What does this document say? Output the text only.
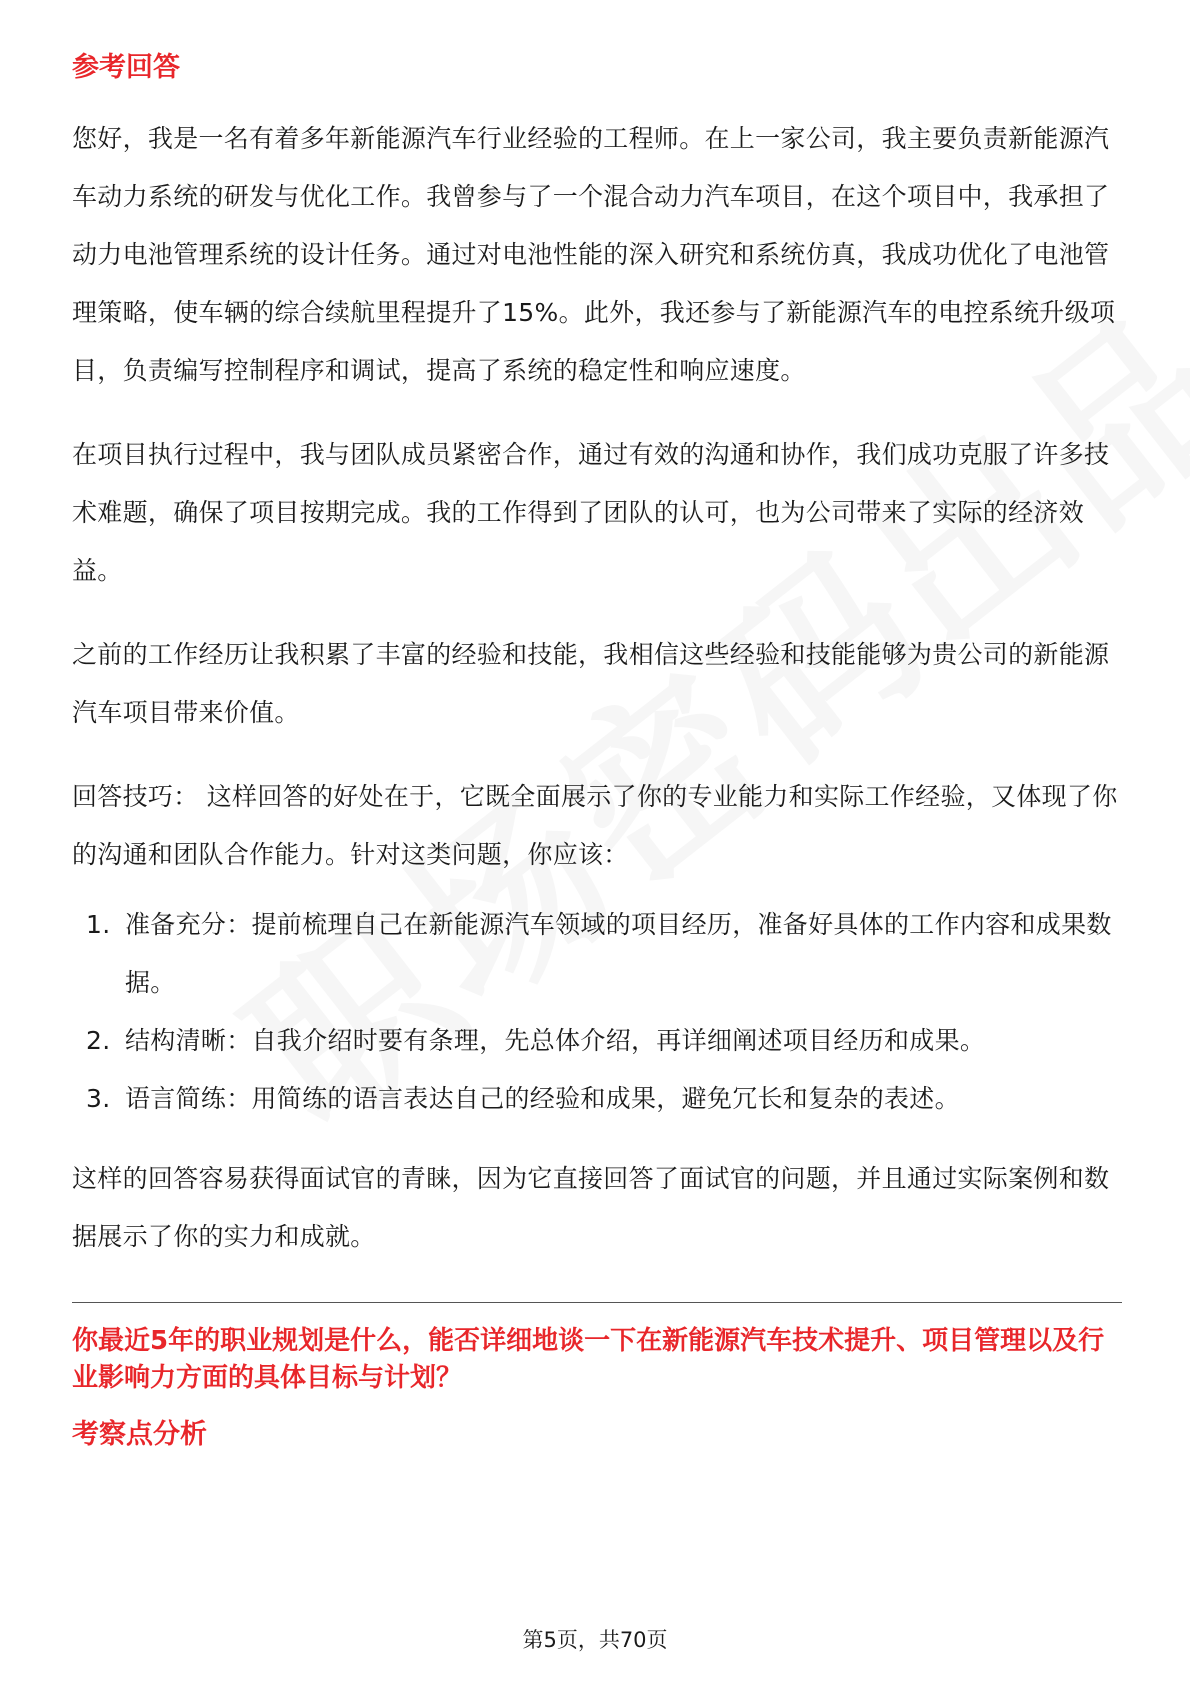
参考回答

您好，我是一名有着多年新能源汽车行业经验的工程师。在上一家公司，我主要负责新能源汽车动力系统的研发与优化工作。我曾参与了一个混合动力汽车项目，在这个项目中，我承担了动力电池管理系统的设计任务。通过对电池性能的深入研究和系统仿真，我成功优化了电池管理策略，使车辆的综合续航里程提升了15%。此外，我还参与了新能源汽车的电控系统升级项目，负责编写控制程序和调试，提高了系统的稳定性和响应速度。

在项目执行过程中，我与团队成员紧密合作，通过有效的沟通和协作，我们成功克服了许多技术难题，确保了项目按期完成。我的工作得到了团队的认可，也为公司带来了实际的经济效益。

之前的工作经历让我积累了丰富的经验和技能，我相信这些经验和技能能够为贵公司的新能源汽车项目带来价值。

回答技巧： 这样回答的好处在于，它既全面展示了你的专业能力和实际工作经验，又体现了你的沟通和团队合作能力。针对这类问题，你应该：

1. 准备充分：提前梳理自己在新能源汽车领域的项目经历，准备好具体的工作内容和成果数据。
2. 结构清晰：自我介绍时要有条理，先总体介绍，再详细阐述项目经历和成果。
3. 语言简练：用简练的语言表达自己的经验和成果，避免冗长和复杂的表述。

这样的回答容易获得面试官的青睐，因为它直接回答了面试官的问题，并且通过实际案例和数据展示了你的实力和成就。

你最近5年的职业规划是什么，能否详细地谈一下在新能源汽车技术提升、项目管理以及行业影响力方面的具体目标与计划？
考察点分析
第5页，共70页
